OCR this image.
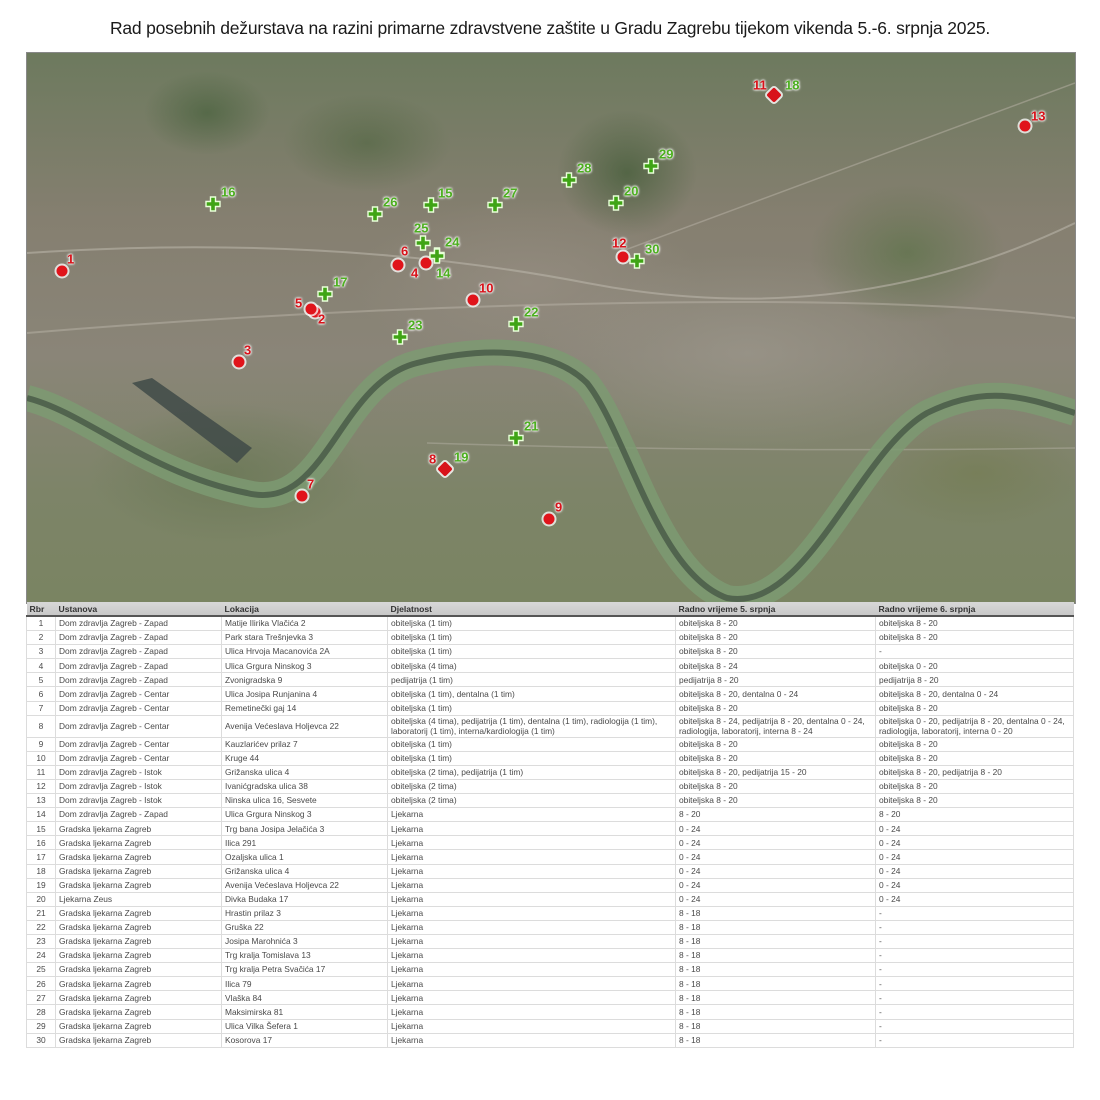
Rad posebnih dežurstava na razini primarne zdravstvene zaštite u Gradu Zagrebu tijekom vikenda 5.-6. srpnja 2025.
1
2
3
4
5
6
7
8
9
10
11
12
13
14
15
16
17
18
19
20
21
22
23
24
25
26
27
28
29
30
Rbr	Ustanova	Lokacija	Djelatnost	Radno vrijeme 5. srpnja	Radno vrijeme 6. srpnja
1	Dom zdravlja Zagreb - Zapad	Matije Ilirika Vlačića 2	obiteljska (1 tim)	obiteljska 8 - 20	obiteljska 8 - 20
2	Dom zdravlja Zagreb - Zapad	Park stara Trešnjevka 3	obiteljska (1 tim)	obiteljska 8 - 20	obiteljska 8 - 20
3	Dom zdravlja Zagreb - Zapad	Ulica Hrvoja Macanovića 2A	obiteljska (1 tim)	obiteljska 8 - 20	-
4	Dom zdravlja Zagreb - Zapad	Ulica Grgura Ninskog 3	obiteljska (4 tima)	obiteljska 8 - 24	obiteljska 0 - 20
5	Dom zdravlja Zagreb - Zapad	Zvonigradska 9	pedijatrija (1 tim)	pedijatrija 8 - 20	pedijatrija 8 - 20
6	Dom zdravlja Zagreb - Centar	Ulica Josipa Runjanina 4	obiteljska (1 tim), dentalna (1 tim)	obiteljska 8 - 20, dentalna 0 - 24	obiteljska 8 - 20, dentalna 0 - 24
7	Dom zdravlja Zagreb - Centar	Remetinečki gaj 14	obiteljska (1 tim)	obiteljska 8 - 20	obiteljska 8 - 20
8	Dom zdravlja Zagreb - Centar	Avenija Većeslava Holjevca 22	obiteljska (4 tima), pedijatrija (1 tim), dentalna (1 tim), radiologija (1 tim), laboratorij (1 tim), interna/kardiologija (1 tim)	obiteljska 8 - 24, pedijatrija 8 - 20, dentalna 0 - 24, radiologija, laboratorij, interna 8 - 24	obiteljska 0 - 20, pedijatrija 8 - 20, dentalna 0 - 24, radiologija, laboratorij, interna 0 - 20
9	Dom zdravlja Zagreb - Centar	Kauzlarićev prilaz 7	obiteljska (1 tim)	obiteljska 8 - 20	obiteljska 8 - 20
10	Dom zdravlja Zagreb - Centar	Kruge 44	obiteljska (1 tim)	obiteljska 8 - 20	obiteljska 8 - 20
11	Dom zdravlja Zagreb - Istok	Grižanska ulica 4	obiteljska (2 tima), pedijatrija (1 tim)	obiteljska 8 - 20, pedijatrija 15 - 20	obiteljska 8 - 20, pedijatrija 8 - 20
12	Dom zdravlja Zagreb - Istok	Ivanićgradska ulica 38	obiteljska (2 tima)	obiteljska 8 - 20	obiteljska 8 - 20
13	Dom zdravlja Zagreb - Istok	Ninska ulica 16, Sesvete	obiteljska (2 tima)	obiteljska 8 - 20	obiteljska 8 - 20
14	Dom zdravlja Zagreb - Zapad	Ulica Grgura Ninskog 3	Ljekarna	8 - 20	8 - 20
15	Gradska ljekarna Zagreb	Trg bana Josipa Jelačića 3	Ljekarna	0 - 24	0 - 24
16	Gradska ljekarna Zagreb	Ilica 291	Ljekarna	0 - 24	0 - 24
17	Gradska ljekarna Zagreb	Ozaljska ulica 1	Ljekarna	0 - 24	0 - 24
18	Gradska ljekarna Zagreb	Grižanska ulica 4	Ljekarna	0 - 24	0 - 24
19	Gradska ljekarna Zagreb	Avenija Većeslava Holjevca 22	Ljekarna	0 - 24	0 - 24
20	Ljekarna Zeus	Divka Budaka 17	Ljekarna	0 - 24	0 - 24
21	Gradska ljekarna Zagreb	Hrastin prilaz 3	Ljekarna	8 - 18	-
22	Gradska ljekarna Zagreb	Gruška 22	Ljekarna	8 - 18	-
23	Gradska ljekarna Zagreb	Josipa Marohnića 3	Ljekarna	8 - 18	-
24	Gradska ljekarna Zagreb	Trg kralja Tomislava 13	Ljekarna	8 - 18	-
25	Gradska ljekarna Zagreb	Trg kralja Petra Svačića 17	Ljekarna	8 - 18	-
26	Gradska ljekarna Zagreb	Ilica 79	Ljekarna	8 - 18	-
27	Gradska ljekarna Zagreb	Vlaška 84	Ljekarna	8 - 18	-
28	Gradska ljekarna Zagreb	Maksimirska 81	Ljekarna	8 - 18	-
29	Gradska ljekarna Zagreb	Ulica Vilka Šefera 1	Ljekarna	8 - 18	-
30	Gradska ljekarna Zagreb	Kosorova 17	Ljekarna	8 - 18	-
